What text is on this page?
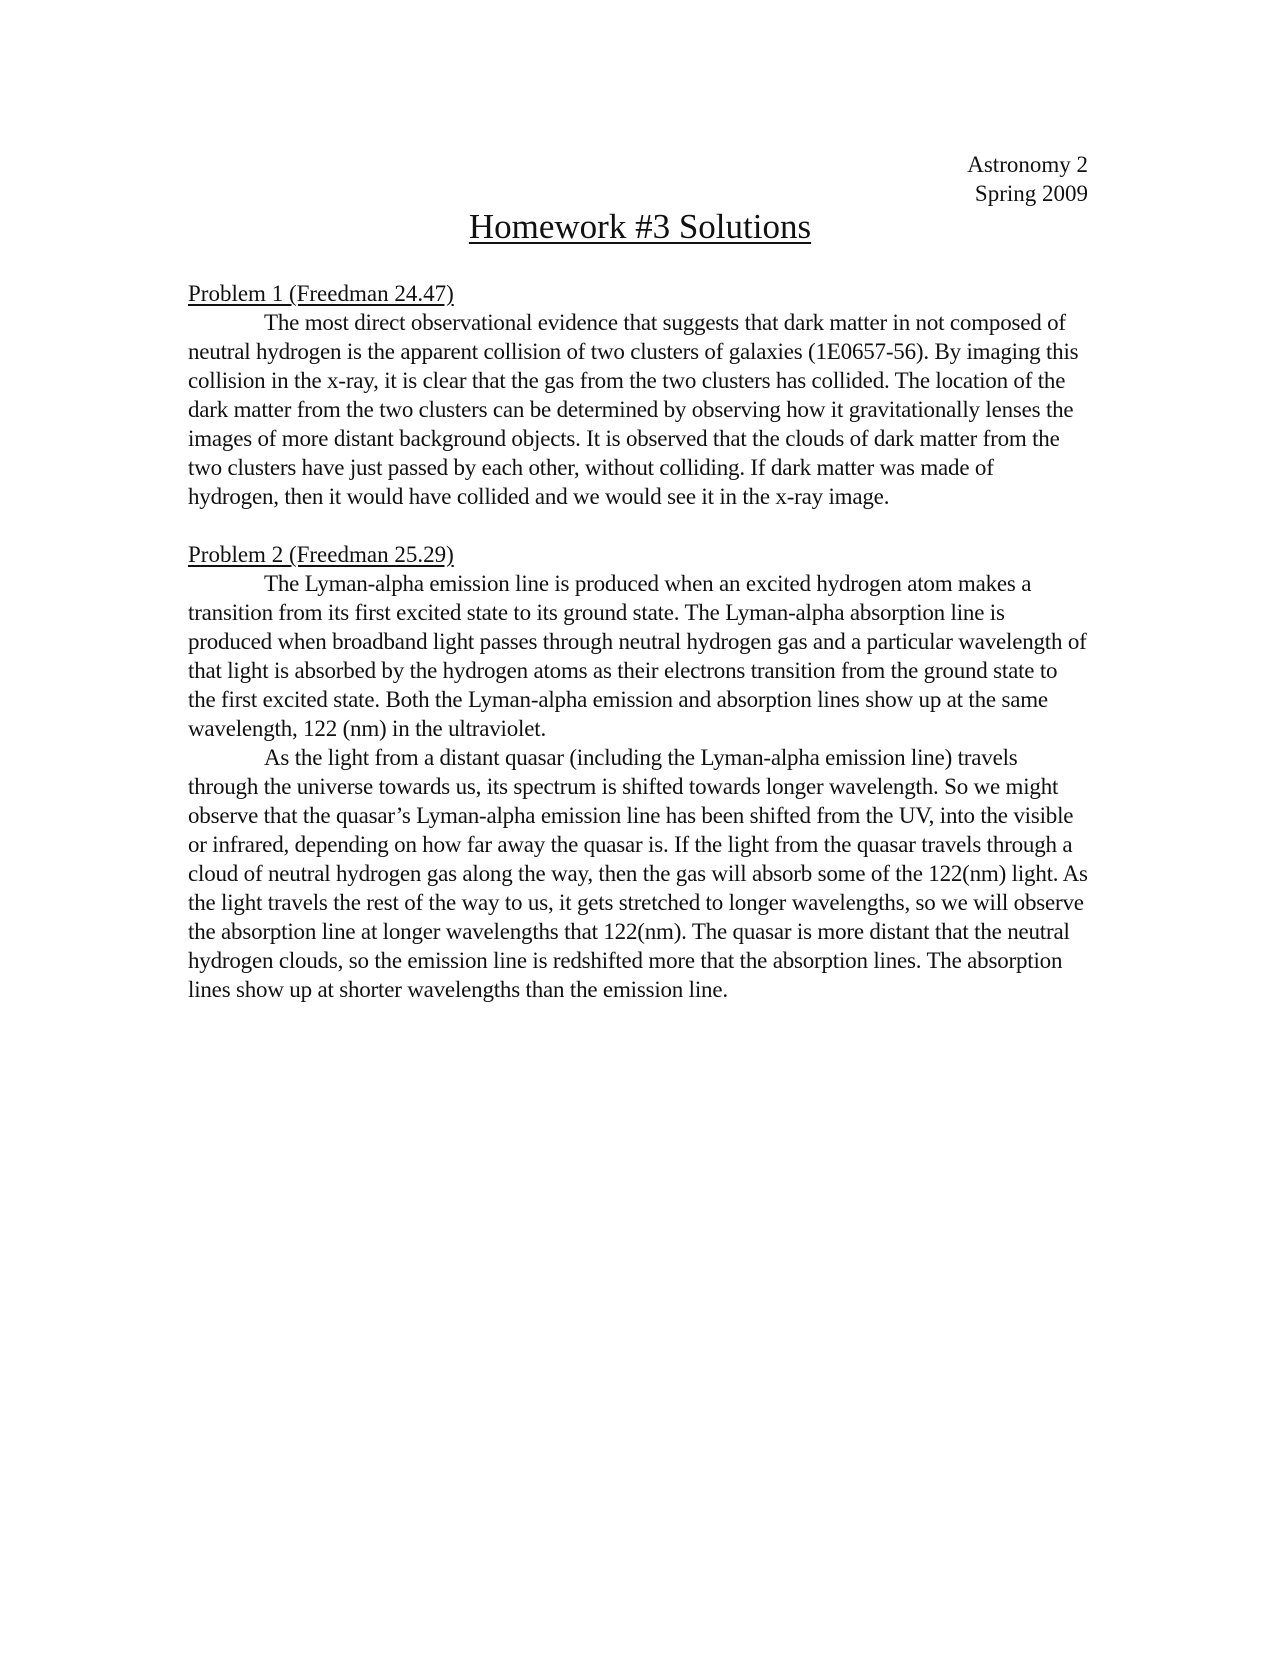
Astronomy 2
Spring 2009
Homework #3 Solutions

Problem 1 (Freedman 24.47)

The most direct observational evidence that suggests that dark matter in not composed of neutral hydrogen is the apparent collision of two clusters of galaxies (1E0657-56). By imaging this collision in the x-ray, it is clear that the gas from the two clusters has collided. The location of the dark matter from the two clusters can be determined by observing how it gravitationally lenses the images of more distant background objects. It is observed that the clouds of dark matter from the two clusters have just passed by each other, without colliding. If dark matter was made of hydrogen, then it would have collided and we would see it in the x-ray image.

Problem 2 (Freedman 25.29)

The Lyman-alpha emission line is produced when an excited hydrogen atom makes a transition from its first excited state to its ground state. The Lyman-alpha absorption line is produced when broadband light passes through neutral hydrogen gas and a particular wavelength of that light is absorbed by the hydrogen atoms as their electrons transition from the ground state to the first excited state. Both the Lyman-alpha emission and absorption lines show up at the same wavelength, 122 (nm) in the ultraviolet.

As the light from a distant quasar (including the Lyman-alpha emission line) travels through the universe towards us, its spectrum is shifted towards longer wavelength. So we might observe that the quasar’s Lyman-alpha emission line has been shifted from the UV, into the visible or infrared, depending on how far away the quasar is. If the light from the quasar travels through a cloud of neutral hydrogen gas along the way, then the gas will absorb some of the 122(nm) light. As the light travels the rest of the way to us, it gets stretched to longer wavelengths, so we will observe the absorption line at longer wavelengths that 122(nm). The quasar is more distant that the neutral hydrogen clouds, so the emission line is redshifted more that the absorption lines. The absorption lines show up at shorter wavelengths than the emission line.
